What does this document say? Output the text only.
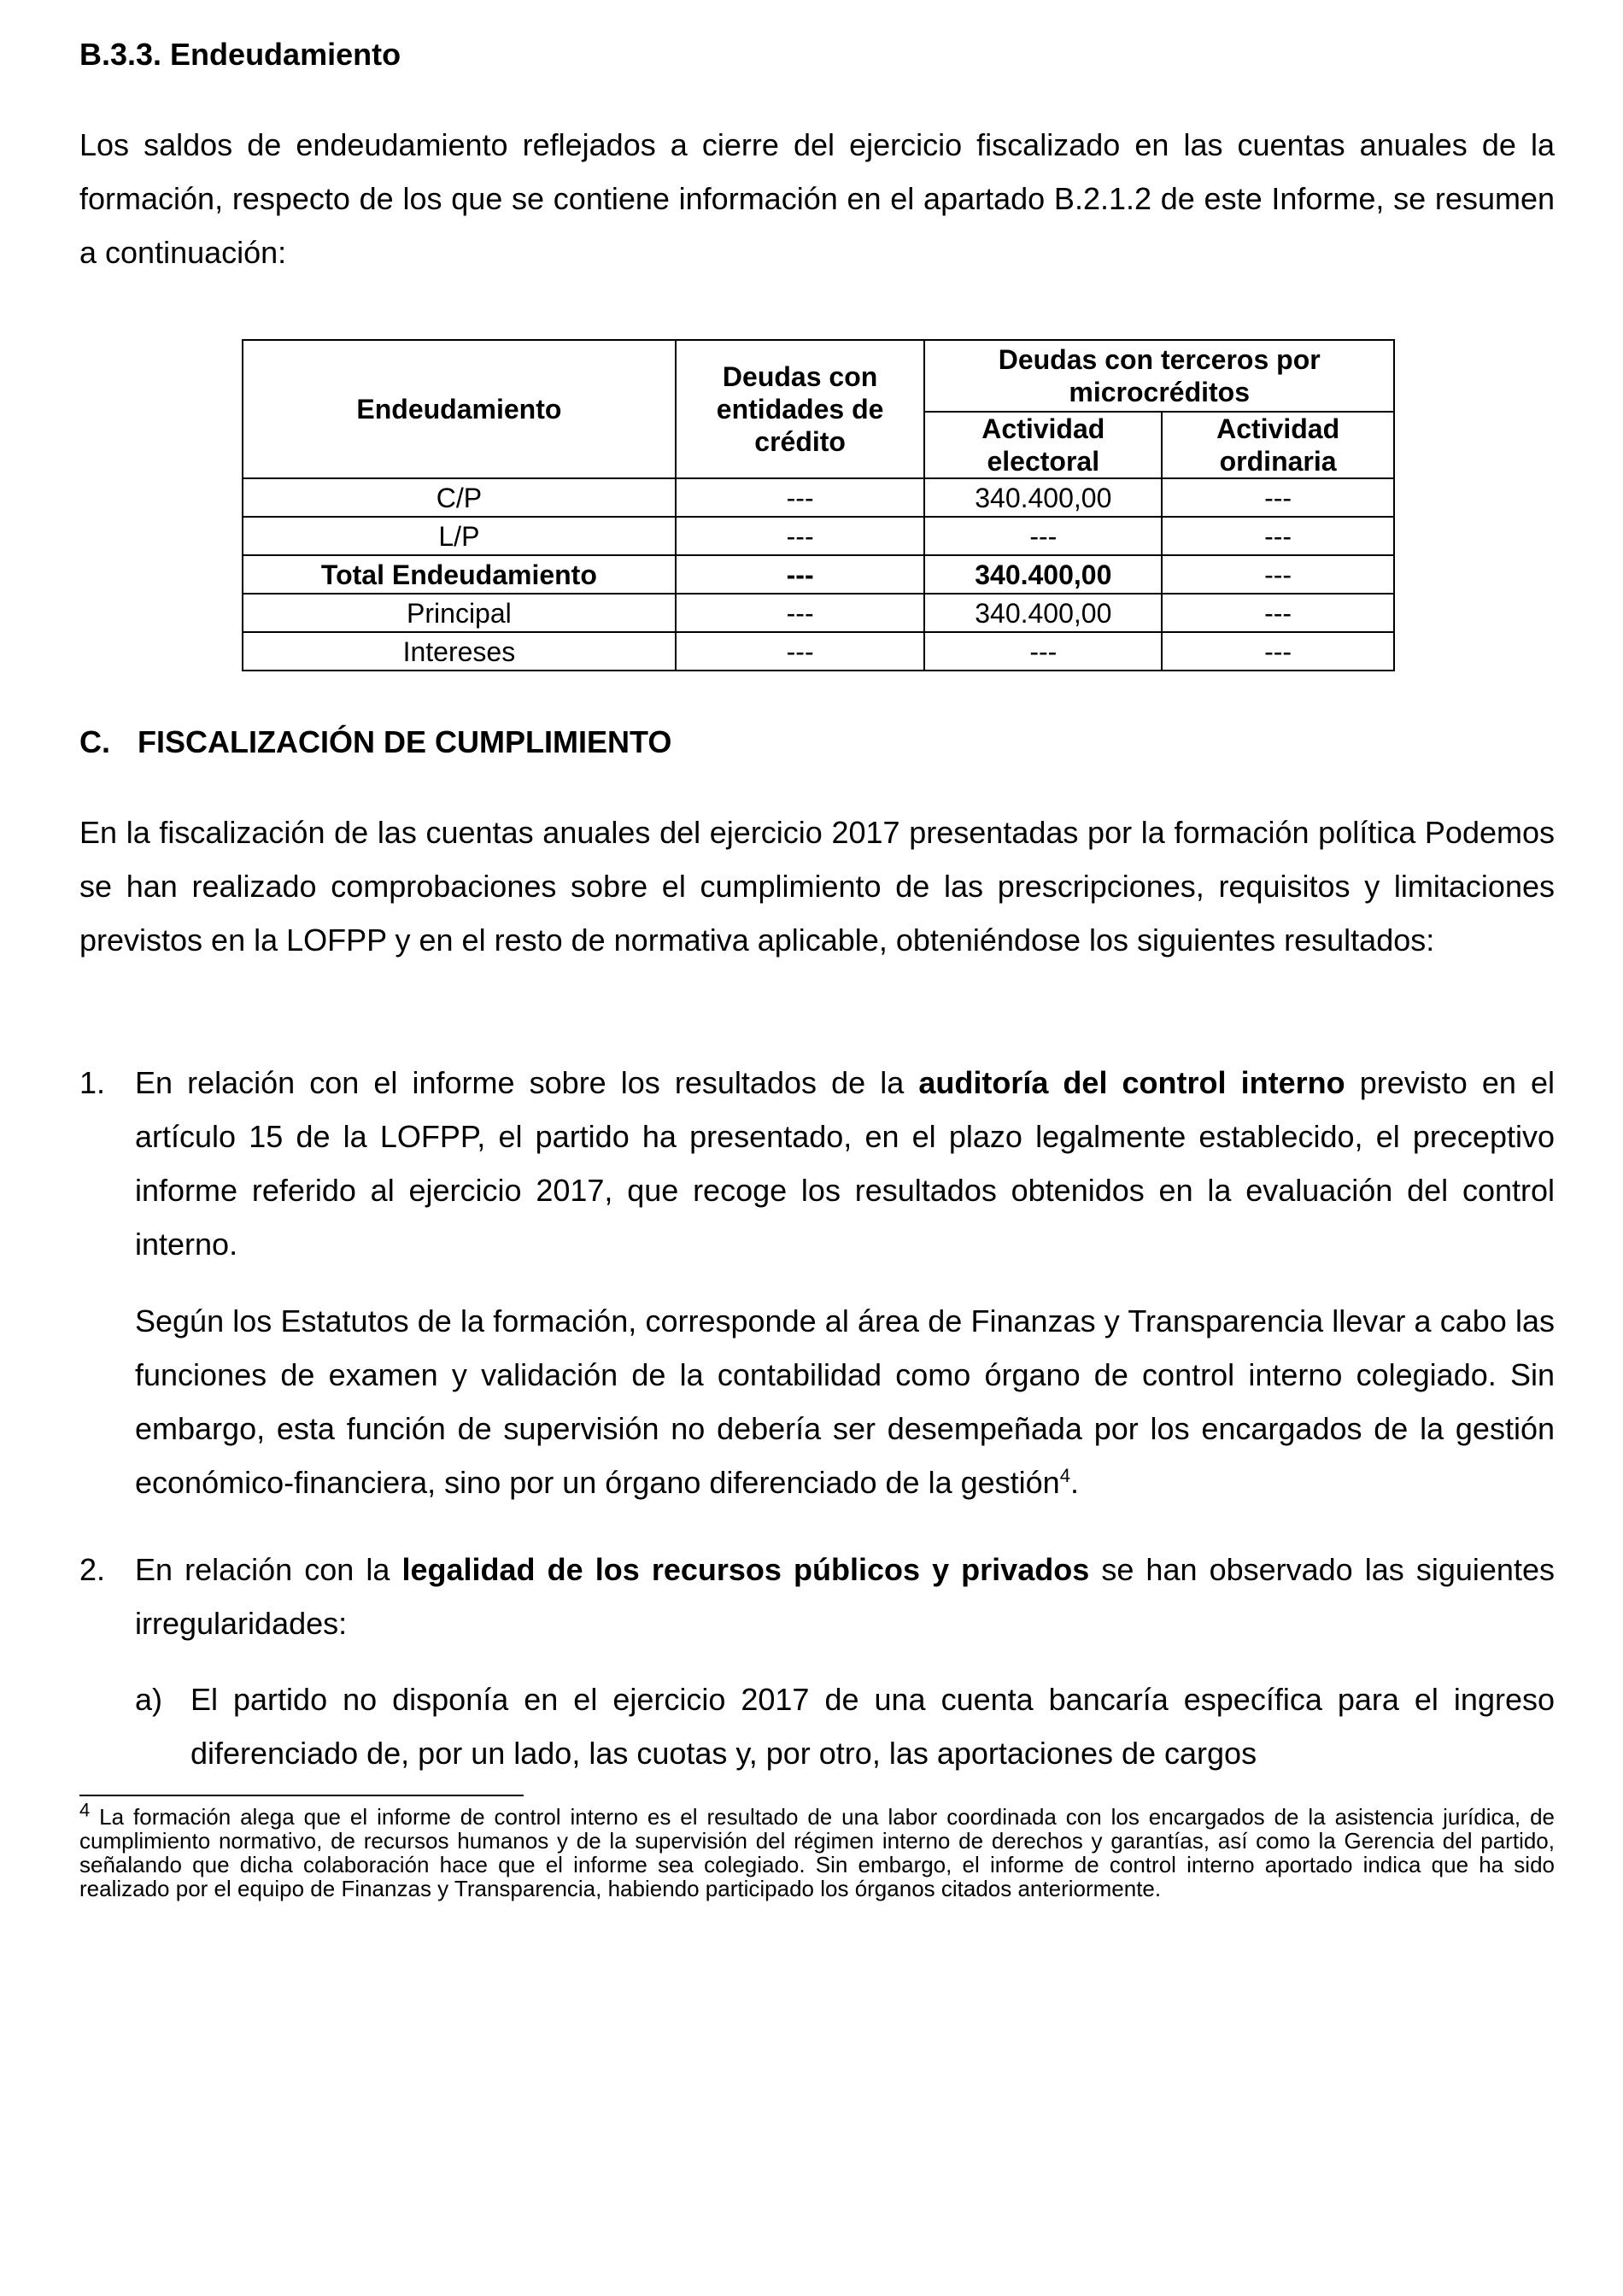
B.3.3. Endeudamiento

Los saldos de endeudamiento reflejados a cierre del ejercicio fiscalizado en las cuentas anuales de la formación, respecto de los que se contiene información en el apartado B.2.1.2 de este Informe, se resumen a continuación:

Endeudamiento	Deudas con entidades de crédito	Deudas con terceros por microcréditos	
		Actividad electoral	Actividad ordinaria
C/P	---	340.400,00	---
L/P	---	---	---
Total Endeudamiento	---	340.400,00	---
Principal	---	340.400,00	---
Intereses	---	---	---
C. FISCALIZACIÓN DE CUMPLIMIENTO

En la fiscalización de las cuentas anuales del ejercicio 2017 presentadas por la formación política Podemos se han realizado comprobaciones sobre el cumplimiento de las prescripciones, requisitos y limitaciones previstos en la LOFPP y en el resto de normativa aplicable, obteniéndose los siguientes resultados:

1. En relación con el informe sobre los resultados de la auditoría del control interno previsto en el artículo 15 de la LOFPP, el partido ha presentado, en el plazo legalmente establecido, el preceptivo informe referido al ejercicio 2017, que recoge los resultados obtenidos en la evaluación del control interno.

Según los Estatutos de la formación, corresponde al área de Finanzas y Transparencia llevar a cabo las funciones de examen y validación de la contabilidad como órgano de control interno colegiado. Sin embargo, esta función de supervisión no debería ser desempeñada por los encargados de la gestión económico-financiera, sino por un órgano diferenciado de la gestión$^4$.

2. En relación con la legalidad de los recursos públicos y privados se han observado las siguientes irregularidades:

a) El partido no disponía en el ejercicio 2017 de una cuenta bancaría específica para el ingreso diferenciado de, por un lado, las cuotas y, por otro, las aportaciones de cargos

$^4$ La formación alega que el informe de control interno es el resultado de una labor coordinada con los encargados de la asistencia jurídica, de cumplimiento normativo, de recursos humanos y de la supervisión del régimen interno de derechos y garantías, así como la Gerencia del partido, señalando que dicha colaboración hace que el informe sea colegiado. Sin embargo, el informe de control interno aportado indica que ha sido realizado por el equipo de Finanzas y Transparencia, habiendo participado los órganos citados anteriormente.
